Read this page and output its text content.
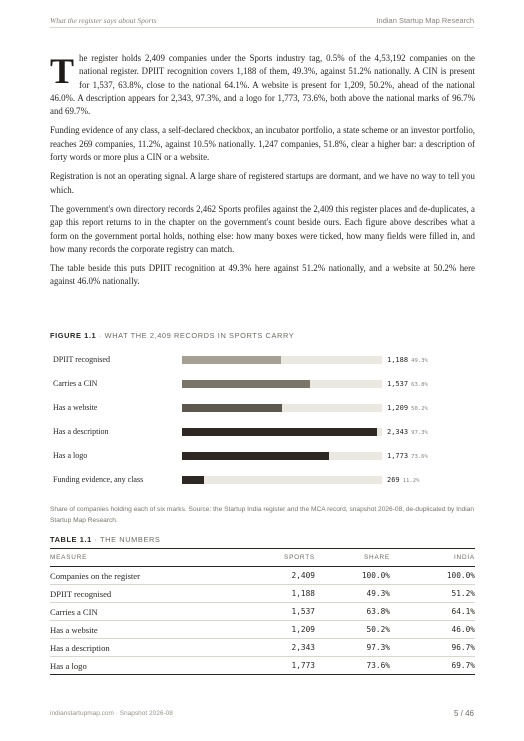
What the register says about Sports	Indian Startup Map Research

The register holds 2,409 companies under the Sports industry tag, 0.5% of the 4,53,192 companies on the national register. DPIIT recognition covers 1,188 of them, 49.3%, against 51.2% nationally. A CIN is present for 1,537, 63.8%, close to the national 64.1%. A website is present for 1,209, 50.2%, ahead of the national 46.0%. A description appears for 2,343, 97.3%, and a logo for 1,773, 73.6%, both above the national marks of 96.7% and 69.7%.

Funding evidence of any class, a self-declared checkbox, an incubator portfolio, a state scheme or an investor portfolio, reaches 269 companies, 11.2%, against 10.5% nationally. 1,247 companies, 51.8%, clear a higher bar: a description of forty words or more plus a CIN or a website.

Registration is not an operating signal. A large share of registered startups are dormant, and we have no way to tell you which.

The government's own directory records 2,462 Sports profiles against the 2,409 this register places and de-duplicates, a gap this report returns to in the chapter on the government's count beside ours. Each figure above describes what a form on the government portal holds, nothing else: how many boxes were ticked, how many fields were filled in, and how many records the corporate registry can match.

The table beside this puts DPIIT recognition at 49.3% here against 51.2% nationally, and a website at 50.2% here against 46.0% nationally.

FIGURE 1.1 · WHAT THE 2,409 RECORDS IN SPORTS CARRY
DPIIT recognised	1,188 49.3%
Carries a CIN	1,537 63.8%
Has a website	1,209 50.2%
Has a description	2,343 97.3%
Has a logo	1,773 73.6%
Funding evidence, any class	269 11.2%
Share of companies holding each of six marks. Source: the Startup India register and the MCA record, snapshot 2026-08, de-duplicated by Indian Startup Map Research.
TABLE 1.1 · THE NUMBERS
MEASURE	SPORTS	SHARE	INDIA
Companies on the register	2,409	100.0%	100.0%
DPIIT recognised	1,188	49.3%	51.2%
Carries a CIN	1,537	63.8%	64.1%
Has a website	1,209	50.2%	46.0%
Has a description	2,343	97.3%	96.7%
Has a logo	1,773	73.6%	69.7%
indianstartupmap.com · Snapshot 2026-08	5 / 46
